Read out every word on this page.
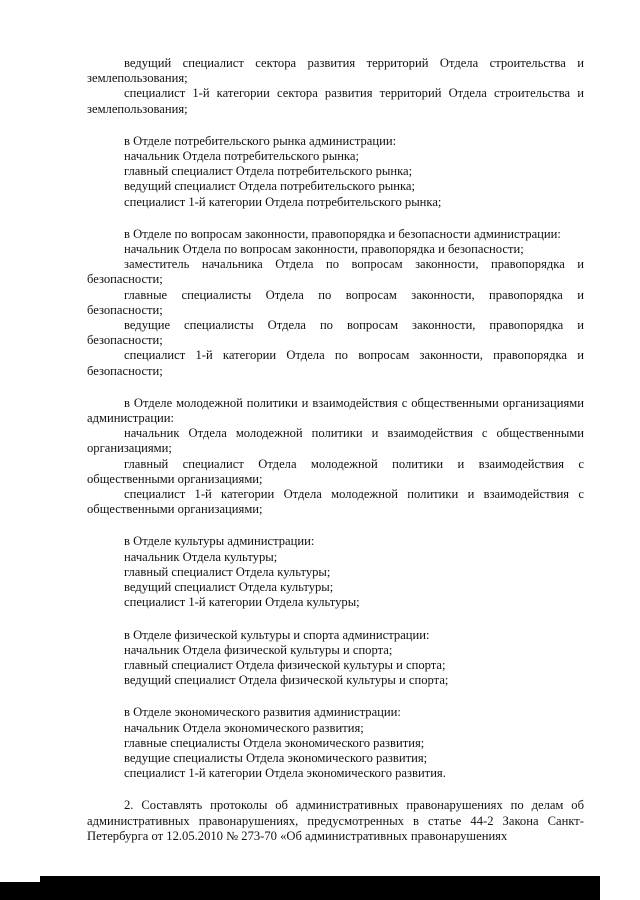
ведущий специалист сектора развития территорий Отдела строительства и землепользования;

специалист 1-й категории сектора развития территорий Отдела строительства и землепользования;

в Отделе потребительского рынка администрации:

начальник Отдела потребительского рынка;

главный специалист Отдела потребительского рынка;

ведущий специалист Отдела потребительского рынка;

специалист 1-й категории Отдела потребительского рынка;

в Отделе по вопросам законности, правопорядка и безопасности администрации:

начальник Отдела по вопросам законности, правопорядка и безопасности;

заместитель начальника Отдела по вопросам законности, правопорядка и безопасности;

главные специалисты Отдела по вопросам законности, правопорядка и безопасности;

ведущие специалисты Отдела по вопросам законности, правопорядка и безопасности;

специалист 1-й категории Отдела по вопросам законности, правопорядка и безопасности;

в Отделе молодежной политики и взаимодействия с общественными организациями администрации:

начальник Отдела молодежной политики и взаимодействия с общественными организациями;

главный специалист Отдела молодежной политики и взаимодействия с общественными организациями;

специалист 1-й категории Отдела молодежной политики и взаимодействия с общественными организациями;

в Отделе культуры администрации:

начальник Отдела культуры;

главный специалист Отдела культуры;

ведущий специалист Отдела культуры;

специалист 1-й категории Отдела культуры;

в Отделе физической культуры и спорта администрации:

начальник Отдела физической культуры и спорта;

главный специалист Отдела физической культуры и спорта;

ведущий специалист Отдела физической культуры и спорта;

в Отделе экономического развития администрации:

начальник Отдела экономического развития;

главные специалисты Отдела экономического развития;

ведущие специалисты Отдела экономического развития;

специалист 1-й категории Отдела экономического развития.

2. Составлять протоколы об административных правонарушениях по делам об административных правонарушениях, предусмотренных в статье 44-2 Закона Санкт-Петербурга от 12.05.2010 № 273-70 «Об административных правонарушениях
